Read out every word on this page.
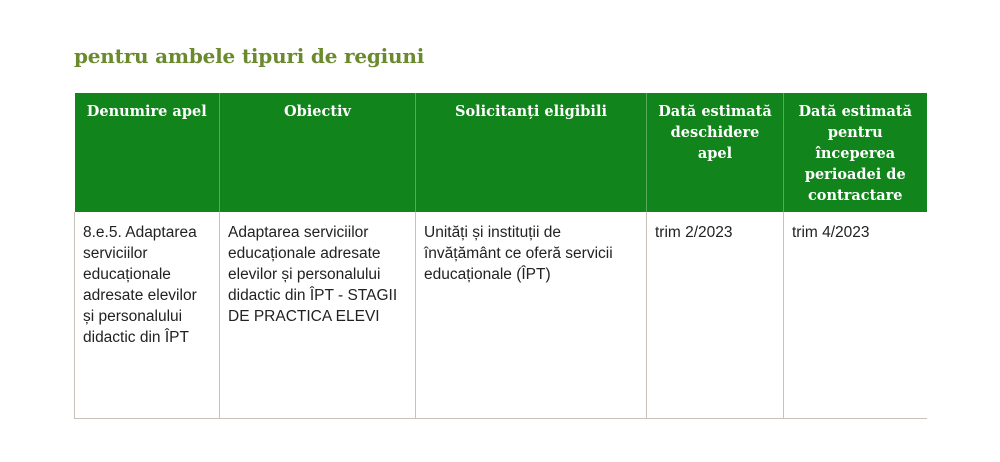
pentru ambele tipuri de regiuni
Denumire apel	Obiectiv	Solicitanți eligibili	Dată estimată deschidere apel	Dată estimată pentru începerea perioadei de contractare
8.e.5. Adaptarea serviciilor educaționale adresate elevilor și personalului didactic din ÎPT	Adaptarea serviciilor educaționale adresate elevilor și personalului didactic din ÎPT - STAGII DE PRACTICA ELEVI	Unități și instituții de învățământ ce oferă servicii educaționale (ÎPT)	trim 2/2023	trim 4/2023
